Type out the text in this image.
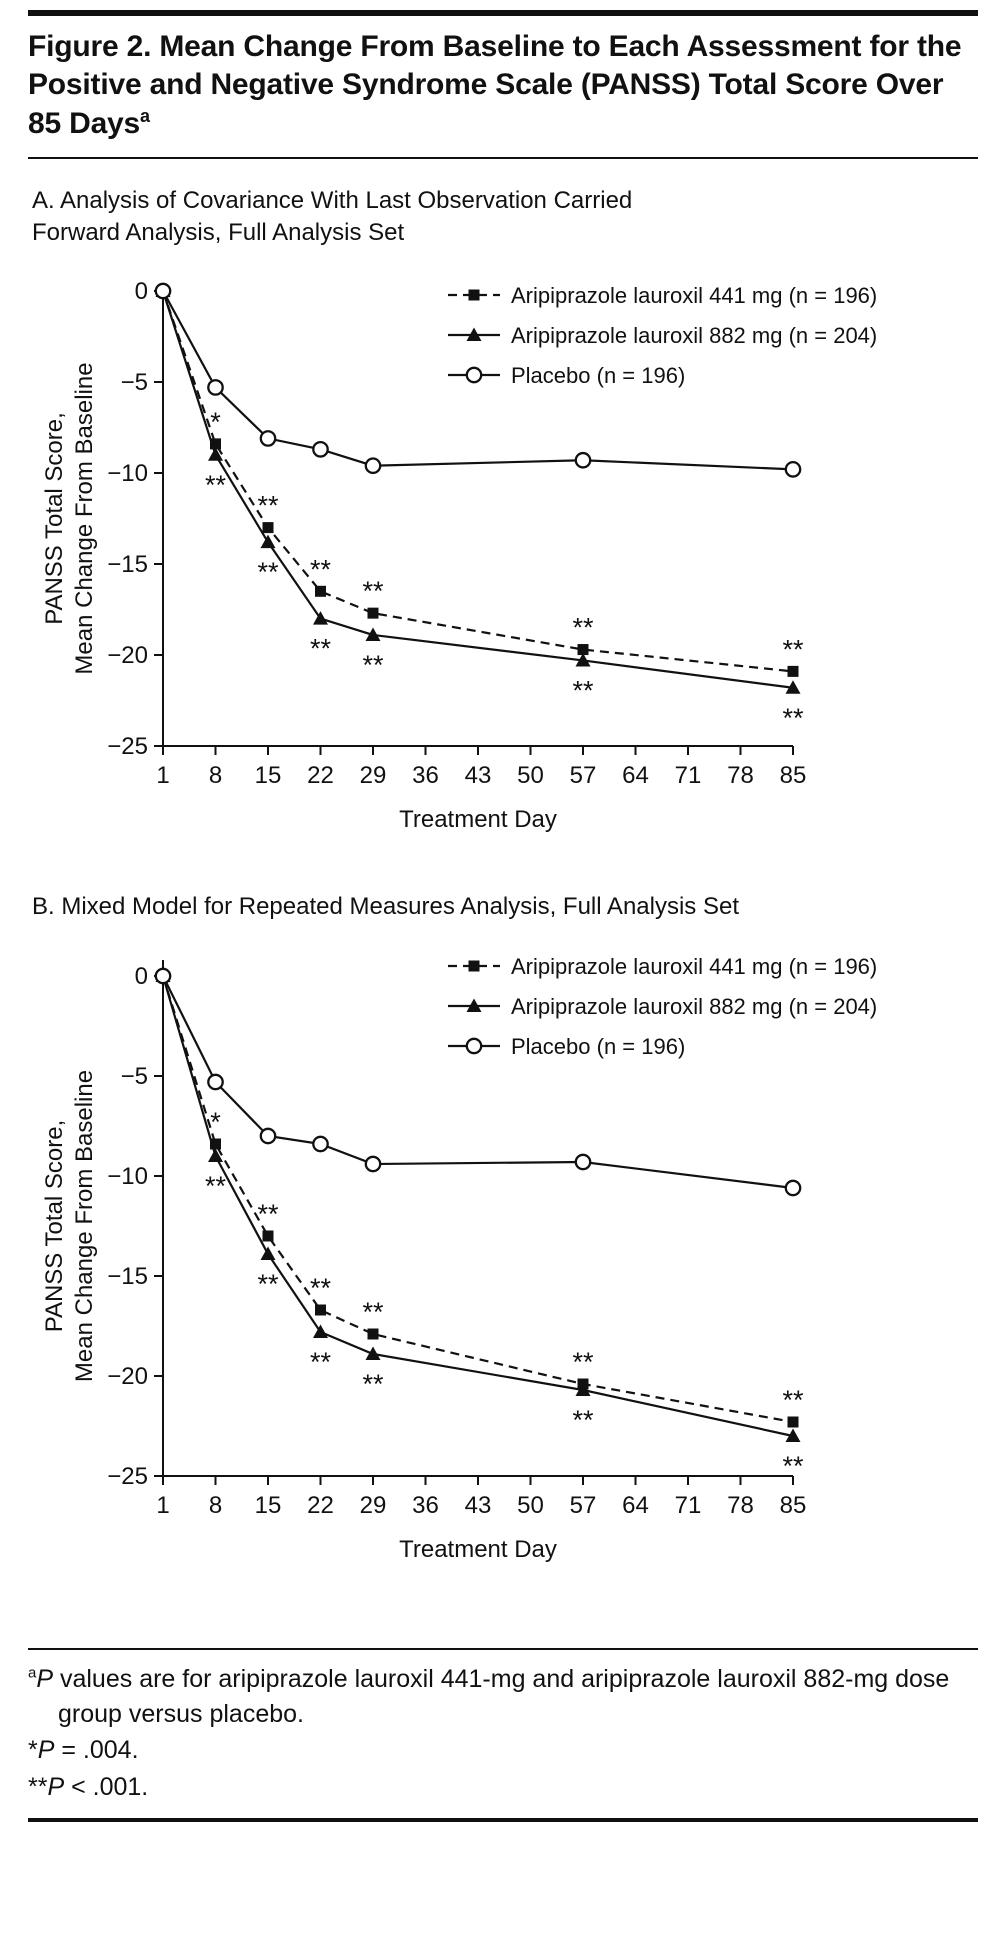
Figure 2. Mean Change From Baseline to Each Assessment for the Positive and Negative Syndrome Scale (PANSS) Total Score Over 85 Days$^a$
A. Analysis of Covariance With Last Observation Carried Forward Analysis, Full Analysis Set
0
−5
−10
−15
−20
−25
1 8 15 22 29 36 43 50 57 64 71 78 85
Treatment Day
PANSS Total Score, Mean Change From Baseline	*
**
**
**
**
**
**
**
**
**
**
**
Aripiprazole lauroxil 441 mg (n = 196)
Aripiprazole lauroxil 882 mg (n = 204)
Placebo (n = 196)
B. Mixed Model for Repeated Measures Analysis, Full Analysis Set
0
−5
−10
−15
−20
−25
1 8 15 22 29 36 43 50 57 64 71 78 85
Treatment Day
PANSS Total Score, Mean Change From Baseline	*
**
**
**
**
**
**
**
**
**
**
**
Aripiprazole lauroxil 441 mg (n = 196)
Aripiprazole lauroxil 882 mg (n = 204)
Placebo (n = 196)

$^a$P values are for aripiprazole lauroxil 441-mg and aripiprazole lauroxil 882-mg dose group versus placebo.

*P = .004.

**P < .001.
